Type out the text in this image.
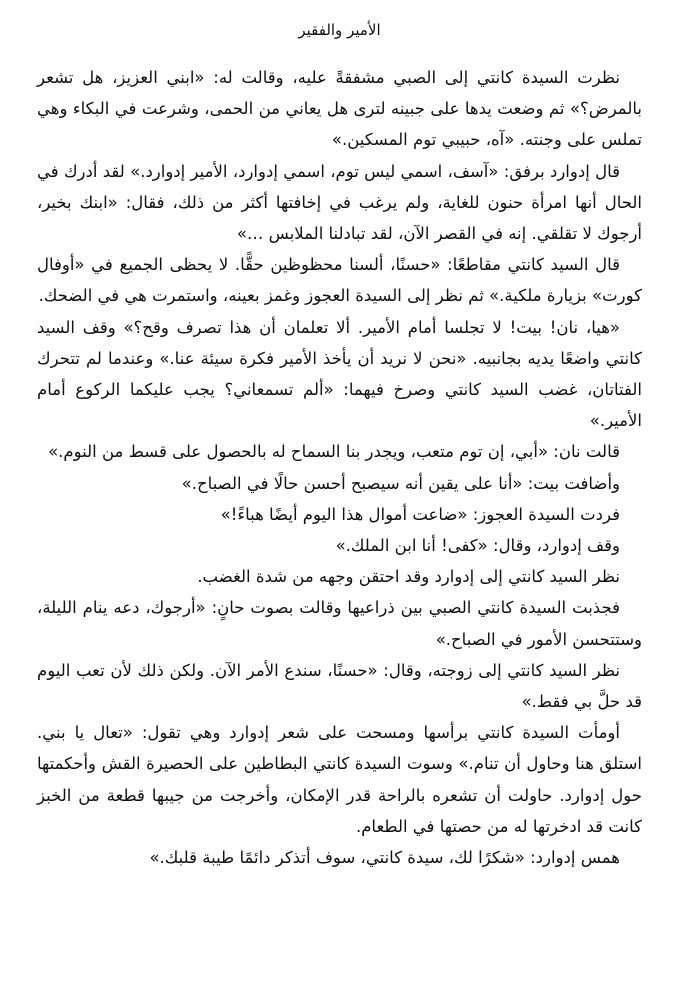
الأمير والفقير

نظرت السيدة كانتي إلى الصبي مشفقةً عليه، وقالت له: «ابني العزيز، هل تشعر بالمرض؟» ثم وضعت يدها على جبينه لترى هل يعاني من الحمى، وشرعت في البكاء وهي تملس على وجنته. «آه، حبيبي توم المسكين.»

قال إدوارد برفق: «آسف، اسمي ليس توم، اسمي إدوارد، الأمير إدوارد.» لقد أدرك في الحال أنها امرأة حنون للغاية، ولم يرغب في إخافتها أكثر من ذلك، فقال: «ابنك بخير، أرجوك لا تقلقي. إنه في القصر الآن، لقد تبادلنا الملابس …»

قال السيد كانتي مقاطعًا: «حسنًا، ألسنا محظوظين حقًّا. لا يحظى الجميع في «أوفال كورت» بزيارة ملكية.» ثم نظر إلى السيدة العجوز وغمز بعينه، واستمرت هي في الضحك.

«هيا، نان! بيت! لا تجلسا أمام الأمير. ألا تعلمان أن هذا تصرف وقح؟» وقف السيد كانتي واضعًا يديه بجانبيه. «نحن لا نريد أن يأخذ الأمير فكرة سيئة عنا.» وعندما لم تتحرك الفتاتان، غضب السيد كانتي وصرخ فيهما: «ألم تسمعاني؟ يجب عليكما الركوع أمام الأمير.»

قالت نان: «أبي، إن توم متعب، ويجدر بنا السماح له بالحصول على قسط من النوم.»

وأضافت بيت: «أنا على يقين أنه سيصبح أحسن حالًا في الصباح.»

فردت السيدة العجوز: «ضاعت أموال هذا اليوم أيضًا هباءً!»

وقف إدوارد، وقال: «كفى! أنا ابن الملك.»

نظر السيد كانتي إلى إدوارد وقد احتقن وجهه من شدة الغضب.

فجذبت السيدة كانتي الصبي بين ذراعيها وقالت بصوت حانٍ: «أرجوك، دعه ينام الليلة، وستتحسن الأمور في الصباح.»

نظر السيد كانتي إلى زوجته، وقال: «حسنًا، سندع الأمر الآن. ولكن ذلك لأن تعب اليوم قد حلَّ بي فقط.»

أومأت السيدة كانتي برأسها ومسحت على شعر إدوارد وهي تقول: «تعال يا بني. استلق هنا وحاول أن تنام.» وسوت السيدة كانتي البطاطين على الحصيرة القش وأحكمتها حول إدوارد. حاولت أن تشعره بالراحة قدر الإمكان، وأخرجت من جيبها قطعة من الخبز كانت قد ادخرتها له من حصتها في الطعام.

همس إدوارد: «شكرًا لك، سيدة كانتي، سوف أتذكر دائمًا طيبة قلبك.»
